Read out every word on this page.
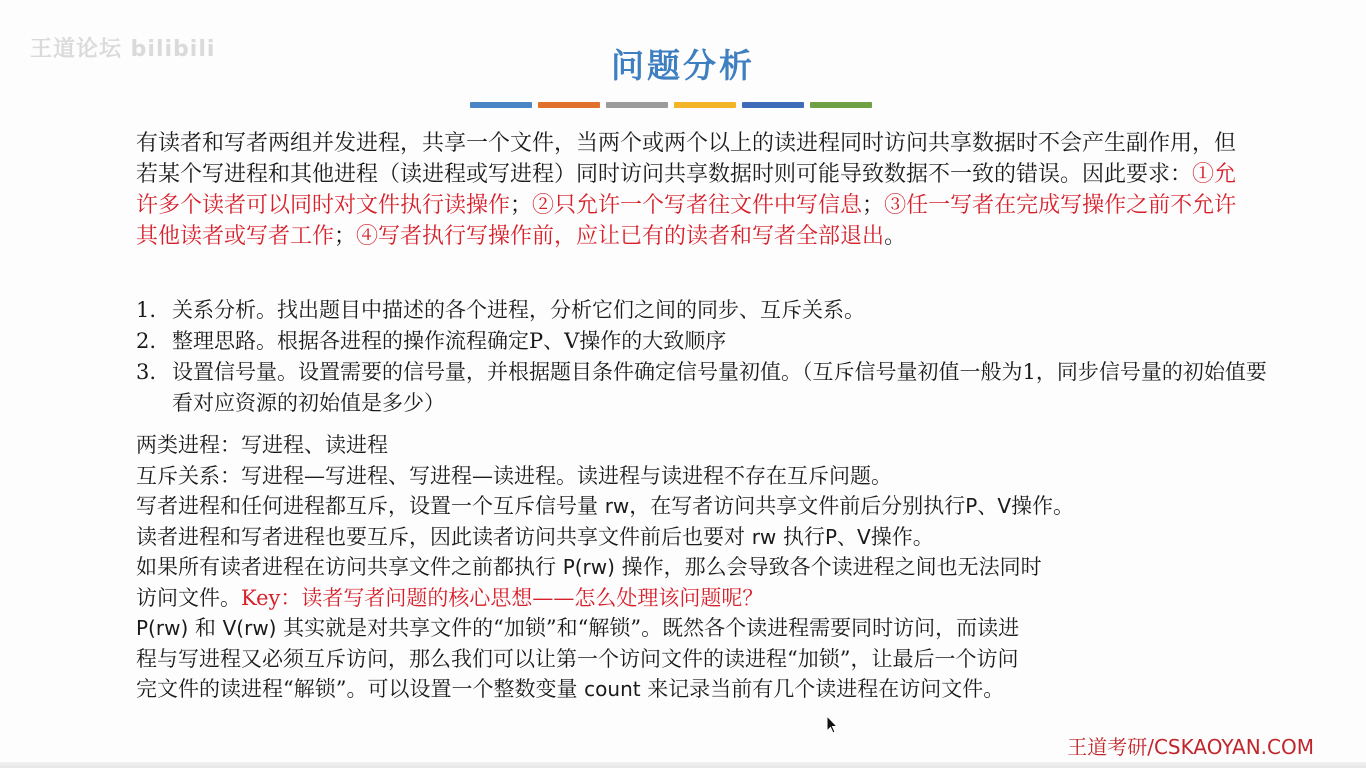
王道论坛 bilibili	问题分析

有读者和写者两组并发进程，共享一个文件，当两个或两个以上的读进程同时访问共享数据时不会产生副作用，但若某个写进程和其他进程（读进程或写进程）同时访问共享数据时则可能导致数据不一致的错误。因此要求：①允许多个读者可以同时对文件执行读操作；②只允许一个写者往文件中写信息；③任一写者在完成写操作之前不允许其他读者或写者工作；④写者执行写操作前，应让已有的读者和写者全部退出。

1. 关系分析。找出题目中描述的各个进程，分析它们之间的同步、互斥关系。
2. 整理思路。根据各进程的操作流程确定P、V操作的大致顺序
3. 设置信号量。设置需要的信号量，并根据题目条件确定信号量初值。（互斥信号量初值一般为1，同步信号量的初始值要看对应资源的初始值是多少）
两类进程：写进程、读进程
互斥关系：写进程—写进程、写进程—读进程。读进程与读进程不存在互斥问题。
写者进程和任何进程都互斥，设置一个互斥信号量 rw，在写者访问共享文件前后分别执行P、V操作。
读者进程和写者进程也要互斥，因此读者访问共享文件前后也要对 rw 执行P、V操作。
如果所有读者进程在访问共享文件之前都执行 P(rw) 操作，那么会导致各个读进程之间也无法同时
访问文件。Key：读者写者问题的核心思想——怎么处理该问题呢？
P(rw) 和 V(rw) 其实就是对共享文件的“加锁”和“解锁”。既然各个读进程需要同时访问，而读进
程与写进程又必须互斥访问，那么我们可以让第一个访问文件的读进程“加锁”，让最后一个访问
完文件的读进程“解锁”。可以设置一个整数变量 count 来记录当前有几个读进程在访问文件。
王道考研/CSKAOYAN.COM
